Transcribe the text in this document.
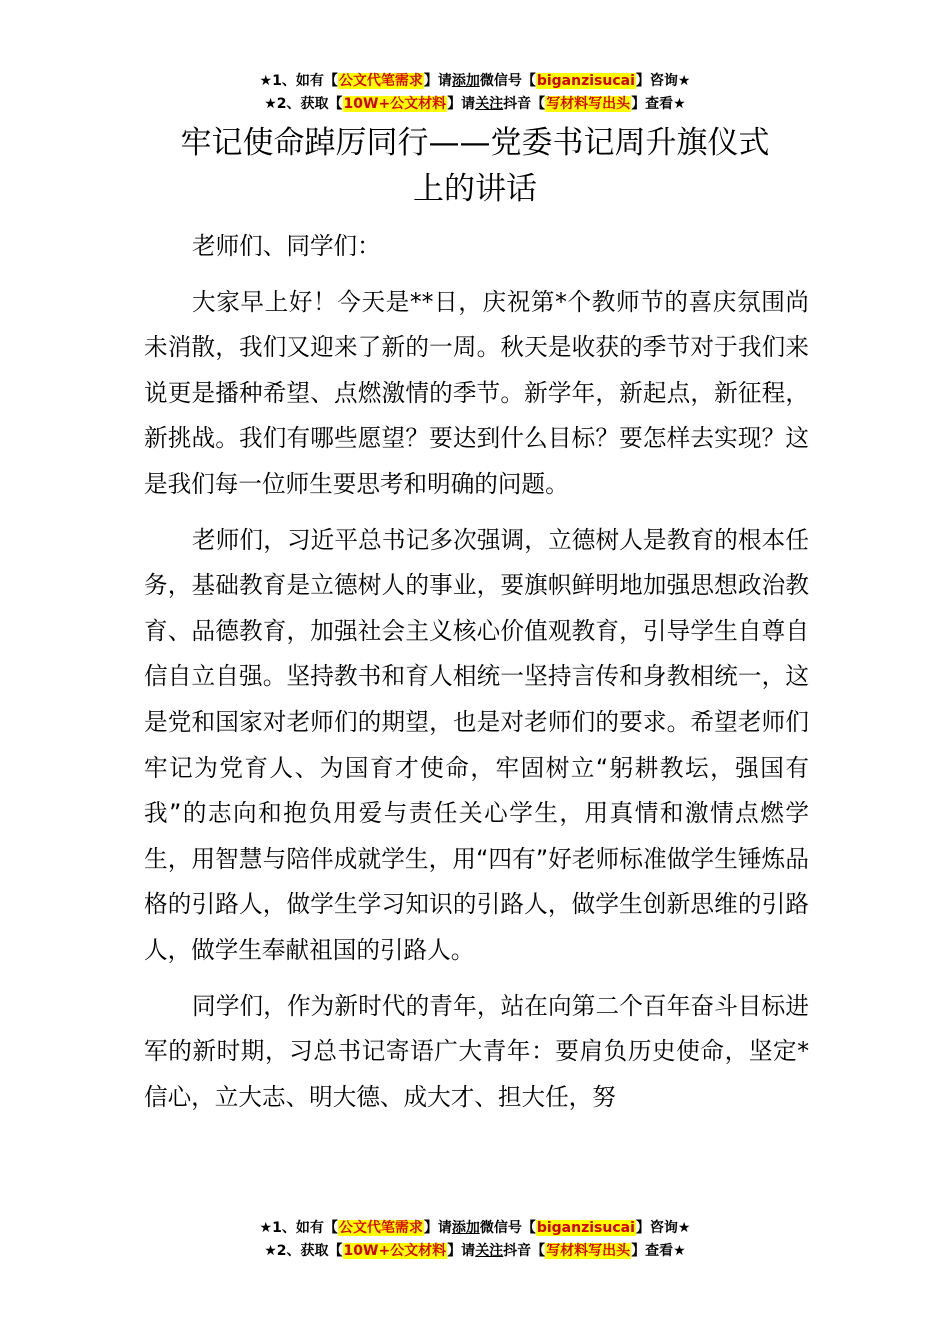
★1、如有【公文代笔需求】请添加微信号【biganzisucai】咨询★
★2、获取【10W+公文材料】请关注抖音【写材料写出头】查看★
牢记使命踔厉同行——党委书记周升旗仪式
上的讲话

老师们、同学们：

大家早上好！今天是**日，庆祝第*个教师节的喜庆氛围尚未消散，我们又迎来了新的一周。秋天是收获的季节对于我们来说更是播种希望、点燃激情的季节。新学年，新起点，新征程，新挑战。我们有哪些愿望？要达到什么目标？要怎样去实现？这是我们每一位师生要思考和明确的问题。

老师们，习近平总书记多次强调，立德树人是教育的根本任务，基础教育是立德树人的事业，要旗帜鲜明地加强思想政治教育、品德教育，加强社会主义核心价值观教育，引导学生自尊自信自立自强。坚持教书和育人相统一坚持言传和身教相统一，这是党和国家对老师们的期望，也是对老师们的要求。希望老师们牢记为党育人、为国育才使命，牢固树立“躬耕教坛，强国有我”的志向和抱负用爱与责任关心学生，用真情和激情点燃学生，用智慧与陪伴成就学生，用“四有”好老师标准做学生锤炼品格的引路人，做学生学习知识的引路人，做学生创新思维的引路人，做学生奉献祖国的引路人。

同学们，作为新时代的青年，站在向第二个百年奋斗目标进军的新时期，习总书记寄语广大青年：要肩负历史使命，坚定*信心，立大志、明大德、成大才、担大任，努

★1、如有【公文代笔需求】请添加微信号【biganzisucai】咨询★
★2、获取【10W+公文材料】请关注抖音【写材料写出头】查看★
